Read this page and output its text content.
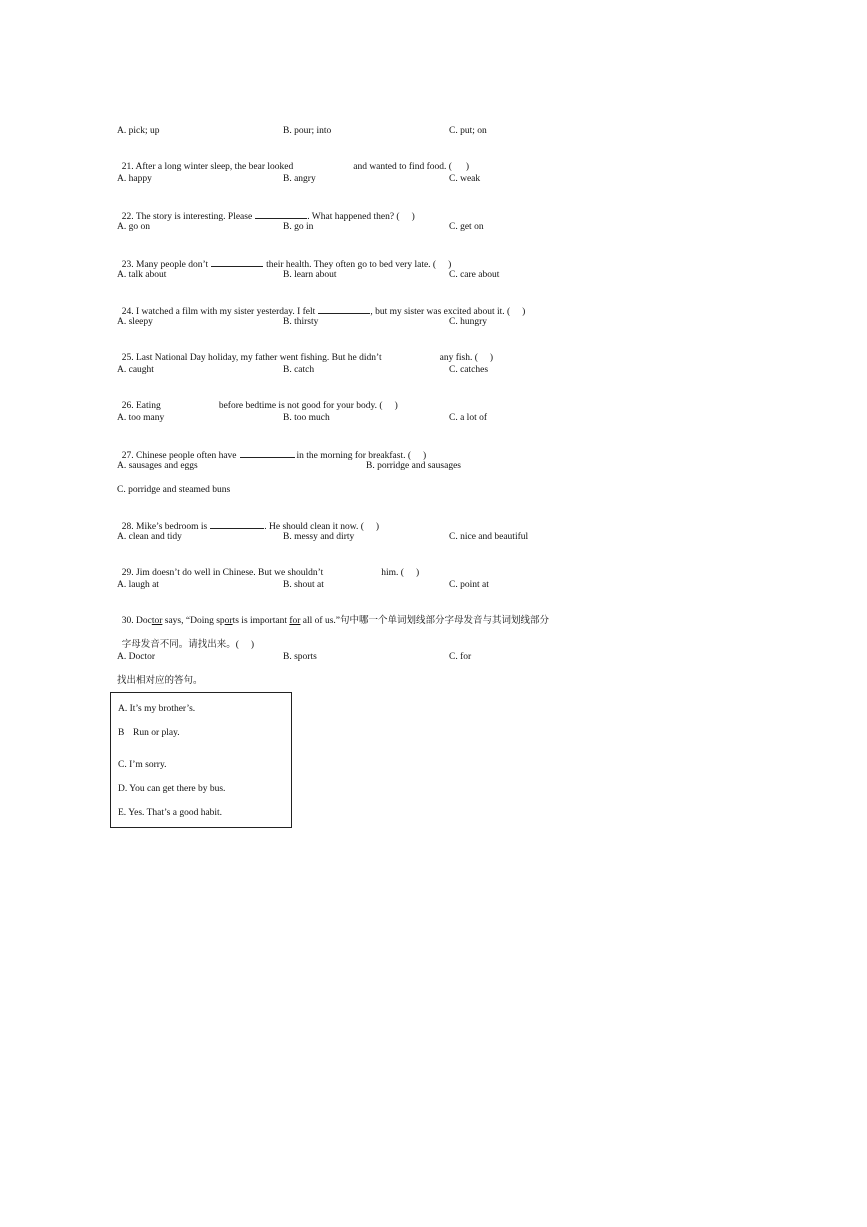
A. pick; up	B. pour; into	C. put; on

21. After a long winter sleep, the bear looked	and wanted to find food. ( )

A. happy	B. angry	C. weak

22. The story is interesting. Please	. What happened then? ( )

A. go on	B. go in	C. get on

23. Many people don’t	their health. They often go to bed very late. ( )

A. talk about	B. learn about	C. care about

24. I watched a film with my sister yesterday. I felt	, but my sister was excited about it. ( )

A. sleepy	B. thirsty	C. hungry

25. Last National Day holiday, my father went fishing. But he didn’t	any fish. ( )

A. caught	B. catch	C. catches

26. Eating	before bedtime is not good for your body. ( )

A. too many	B. too much	C. a lot of

27. Chinese people often have	in the morning for breakfast. ( )

A. sausages and eggs	B. porridge and sausages
C. porridge and steamed buns

28. Mike’s bedroom is	. He should clean it now. ( )

A. clean and tidy	B. messy and dirty	C. nice and beautiful

29. Jim doesn’t do well in Chinese. But we shouldn’t	him. ( )

A. laugh at	B. shout at	C. point at

30. Doctor says, “Doing sports is important for all of us.”句中哪一个单词划线部分字母发音与其词划线部分

字母发音不同。请找出来。( )

A. Doctor	B. sports	C. for
找出相对应的答句。
A. It’s my brother’s.
B Run or play.
C. I’m sorry.
D. You can get there by bus.
E. Yes. That’s a good habit.
